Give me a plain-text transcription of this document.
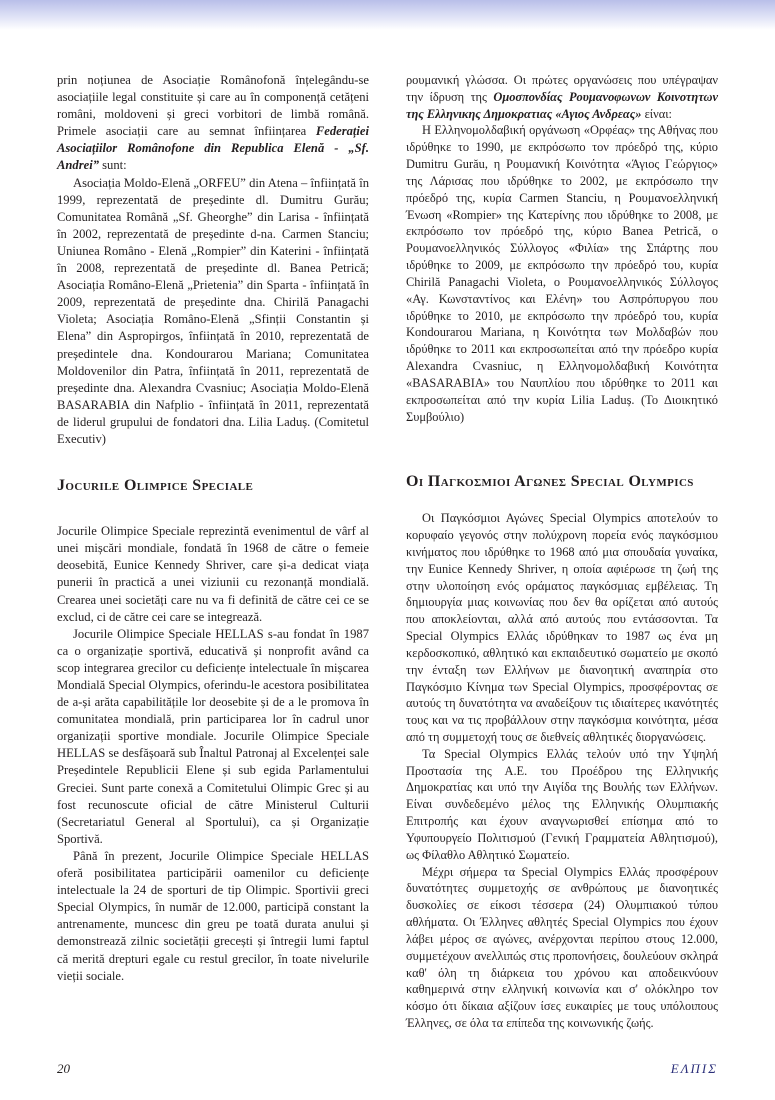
prin noțiunea de Asociație Românofonă înțelegându-se asociațiile legal constituite și care au în componență cetățeni români, moldoveni și greci vorbitori de limbă română. Primele asociații care au semnat înființarea Federației Asociațiilor Românofone din Republica Elenă - „Sf. Andrei” sunt:

Asociația Moldo-Elenă „ORFEU” din Atena – înființată în 1999, reprezentată de președinte dl. Dumitru Gurău; Comunitatea Română „Sf. Gheorghe” din Larisa - înființată în 2002, reprezentată de președinte d-na. Carmen Stanciu; Uniunea Româno - Elenă „Rompier” din Katerini - înființată în 2008, reprezentată de președinte dl. Banea Petrică; Asociația Româno-Elenă „Prietenia” din Sparta - înființată în 2009, reprezentată de președinte dna. Chirilă Panagachi Violeta; Asociația Româno-Elenă „Sfinții Constantin și Elena” din Aspropirgos, înființată în 2010, reprezentată de președintele dna. Kondourarou Mariana; Comunitatea Moldovenilor din Patra, înființată în 2011, reprezentată de președinte dna. Alexandra Cvasniuc; Asociația Moldo-Elenă BASARABIA din Nafplio - înființată în 2011, reprezentată de liderul grupului de fondatori dna. Lilia Laduș. (Comitetul Executiv)

Jocurile Olimpice Speciale

Jocurile Olimpice Speciale reprezintă evenimentul de vârf al unei mișcări mondiale, fondată în 1968 de către o femeie deosebită, Eunice Kennedy Shriver, care și-a dedicat viața punerii în practică a unei viziunii cu rezonanță mondială. Crearea unei societăți care nu va fi definită de către cei ce se exclud, ci de către cei care se integrează.

Jocurile Olimpice Speciale HELLAS s-au fondat în 1987 ca o organizație sportivă, educativă și nonprofit având ca scop integrarea grecilor cu deficiențe intelectuale în mișcarea Mondială Special Olympics, oferindu-le acestora posibilitatea de a-și arăta capabilitățile lor deosebite și de a le promova în comunitatea mondială, prin participarea lor în cadrul unor organizații sportive mondiale. Jocurile Olimpice Speciale HELLAS se desfășoară sub Înaltul Patronaj al Excelenței sale Președintele Republicii Elene și sub egida Parlamentului Greciei. Sunt parte conexă a Comitetului Olimpic Grec și au fost recunoscute oficial de către Ministerul Culturii (Secretariatul General al Sportului), ca și Organizație Sportivă.

Până în prezent, Jocurile Olimpice Speciale HELLAS oferă posibilitatea participării oamenilor cu deficiențe intelectuale la 24 de sporturi de tip Olimpic. Sportivii greci Special Olympics, în număr de 12.000, participă constant la antrenamente, muncesc din greu pe toată durata anului și demonstrează zilnic societății grecești și întregii lumi faptul că merită drepturi egale cu restul grecilor, în toate nivelurile vieții sociale.

ρουμανική γλώσσα. Οι πρώτες οργανώσεις που υπέγραψαν την ίδρυση της Ομοσπονδίας Ρουμανοφωνων Κοινοτητων της Ελληνικης Δημοκρατιας «Αγιος Ανδρεας» είναι:

Η Ελληνομολδαβική οργάνωση «Ορφέας» της Αθήνας που ιδρύθηκε το 1990, με εκπρόσωπο τον πρόεδρό της, κύριο Dumitru Gurău, η Ρουμανική Κοινότητα «Άγιος Γεώργιος» της Λάρισας που ιδρύθηκε το 2002, με εκπρόσωπο την πρόεδρό της, κυρία Carmen Stanciu, η Ρουμανοελληνική Ένωση «Rompier» της Κατερίνης που ιδρύθηκε το 2008, με εκπρόσωπο τον πρόεδρό της, κύριο Banea Petrică, ο Ρουμανοελληνικός Σύλλογος «Φιλία» της Σπάρτης που ιδρύθηκε το 2009, με εκπρόσωπο την πρόεδρό του, κυρία Chirilă Panagachi Violeta, ο Ρουμανοελληνικός Σύλλογος «Αγ. Κωνσταντίνος και Ελένη» του Ασπρόπυργου που ιδρύθηκε το 2010, με εκπρόσωπο την πρόεδρό του, κυρία Kondourarou Mariana, η Κοινότητα των Μολδαβών που ιδρύθηκε το 2011 και εκπροσωπείται από την πρόεδρο κυρία Alexandra Cvasniuc, η Ελληνομολδαβική Κοινότητα «BASARABIA» του Ναυπλίου που ιδρύθηκε το 2011 και εκπροσωπείται από την κυρία Lilia Laduș. (Το Διοικητικό Συμβούλιο)

Οι Παγκοσμιοι Αγωνες Special Olympics

Οι Παγκόσμιοι Αγώνες Special Olympics αποτελούν το κορυφαίο γεγονός στην πολύχρονη πορεία ενός παγκόσμιου κινήματος που ιδρύθηκε το 1968 από μια σπουδαία γυναίκα, την Eunice Kennedy Shriver, η οποία αφιέρωσε τη ζωή της στην υλοποίηση ενός οράματος παγκόσμιας εμβέλειας. Τη δημιουργία μιας κοινωνίας που δεν θα ορίζεται από αυτούς που αποκλείονται, αλλά από αυτούς που εντάσσονται. Τα Special Olympics Ελλάς ιδρύθηκαν το 1987 ως ένα μη κερδοσκοπικό, αθλητικό και εκπαιδευτικό σωματείο με σκοπό την ένταξη των Ελλήνων με διανοητική αναπηρία στο Παγκόσμιο Κίνημα των Special Olympics, προσφέροντας σε αυτούς τη δυνατότητα να αναδείξουν τις ιδιαίτερες ικανότητές τους και να τις προβάλλουν στην παγκόσμια κοινότητα, μέσα από τη συμμετοχή τους σε διεθνείς αθλητικές διοργανώσεις.

Τα Special Olympics Ελλάς τελούν υπό την Υψηλή Προστασία της Α.Ε. του Προέδρου της Ελληνικής Δημοκρατίας και υπό την Αιγίδα της Βουλής των Ελλήνων. Είναι συνδεδεμένο μέλος της Ελληνικής Ολυμπιακής Επιτροπής και έχουν αναγνωρισθεί επίσημα από το Υφυπουργείο Πολιτισμού (Γενική Γραμματεία Αθλητισμού), ως Φίλαθλο Αθλητικό Σωματείο.

Μέχρι σήμερα τα Special Olympics Ελλάς προσφέρουν δυνατότητες συμμετοχής σε ανθρώπους με διανοητικές δυσκολίες σε είκοσι τέσσερα (24) Ολυμπιακού τύπου αθλήματα. Οι Έλληνες αθλητές Special Olympics που έχουν λάβει μέρος σε αγώνες, ανέρχονται περίπου στους 12.000, συμμετέχουν ανελλιπώς στις προπονήσεις, δουλεύουν σκληρά καθ' όλη τη διάρκεια του χρόνου και αποδεικνύουν καθημερινά στην ελληνική κοινωνία και σ' ολόκληρο τον κόσμο ότι δίκαια αξίζουν ίσες ευκαιρίες με τους υπόλοιπους Έλληνες, σε όλα τα επίπεδα της κοινωνικής ζωής.

20	ΕΛΠΙΣ
